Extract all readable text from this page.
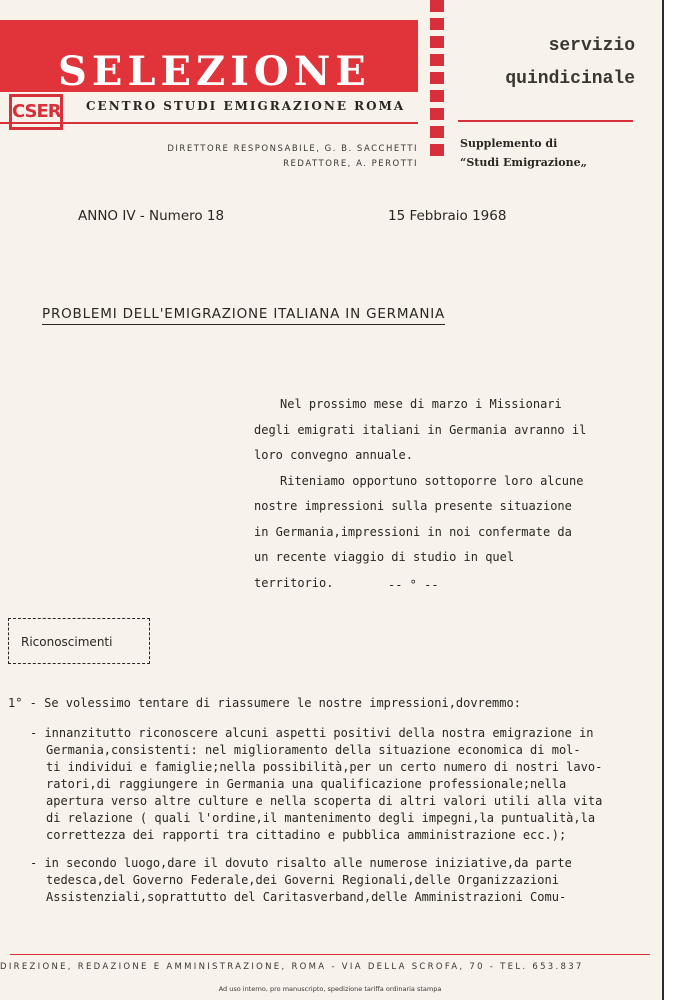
SELEZIONE
CSER CENTRO STUDI EMIGRAZIONE ROMA
DIRETTORE RESPONSABILE, G. B. SACCHETTI
REDATTORE, A. PEROTTI
servizio
quindicinale
Supplemento di
“Studi Emigrazione„
ANNO IV - Numero 18	15 Febbraio 1968
PROBLEMI DELL'EMIGRAZIONE ITALIANA IN GERMANIA

Nel prossimo mese di marzo i Missionari

degli emigrati italiani in Germania avranno il

loro convegno annuale.

Riteniamo opportuno sottoporre loro alcune

nostre impressioni sulla presente situazione

in Germania,impressioni in noi confermate da

un recente viaggio di studio in quel territorio.	-- ° --
Riconoscimenti
1° - Se volessimo tentare di riassumere le nostre impressioni,dovremmo:
- innanzitutto riconoscere alcuni aspetti positivi della nostra emigrazione in
Germania,consistenti: nel miglioramento della situazione economica di mol-
ti individui e famiglie;nella possibilità,per un certo numero di nostri lavo-
ratori,di raggiungere in Germania una qualificazione professionale;nella
apertura verso altre culture e nella scoperta di altri valori utili alla vita
di relazione ( quali l'ordine,il mantenimento degli impegni,la puntualità,la
correttezza dei rapporti tra cittadino e pubblica amministrazione ecc.);
- in secondo luogo,dare il dovuto risalto alle numerose iniziative,da parte
tedesca,del Governo Federale,dei Governi Regionali,delle Organizzazioni
Assistenziali,soprattutto del Caritasverband,delle Amministrazioni Comu-
DIREZIONE, REDAZIONE E AMMINISTRAZIONE, ROMA - VIA DELLA SCROFA, 70 - TEL. 653.837
Ad uso interno, pro manuscripto, spedizione tariffa ordinaria stampa
